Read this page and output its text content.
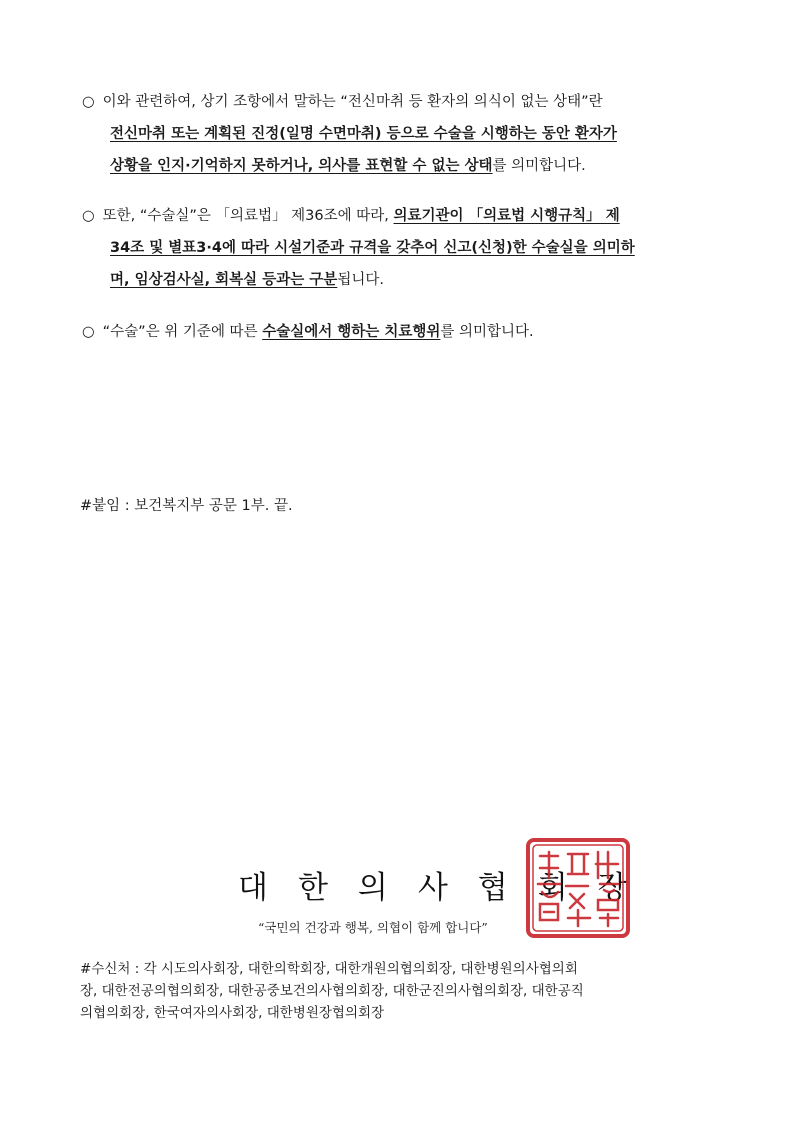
○ 이와 관련하여, 상기 조항에서 말하는 “전신마취 등 환자의 의식이 없는 상태”란
전신마취 또는 계획된 진정(일명 수면마취) 등으로 수술을 시행하는 동안 환자가
상황을 인지·기억하지 못하거나, 의사를 표현할 수 없는 상태를 의미합니다.
○ 또한, “수술실”은 「의료법」 제36조에 따라, 의료기관이 「의료법 시행규칙」 제
34조 및 별표3·4에 따라 시설기준과 규격을 갖추어 신고(신청)한 수술실을 의미하
며, 임상검사실, 회복실 등과는 구분됩니다.
○ “수술”은 위 기준에 따른 수술실에서 행하는 치료행위를 의미합니다.
#붙임 : 보건복지부 공문 1부. 끝.
대한의사협회장
“국민의 건강과 행복, 의협이 함께 합니다”
#수신처 : 각 시도의사회장, 대한의학회장, 대한개원의협의회장, 대한병원의사협의회
장, 대한전공의협의회장, 대한공중보건의사협의회장, 대한군진의사협의회장, 대한공직
의협의회장, 한국여자의사회장, 대한병원장협의회장
